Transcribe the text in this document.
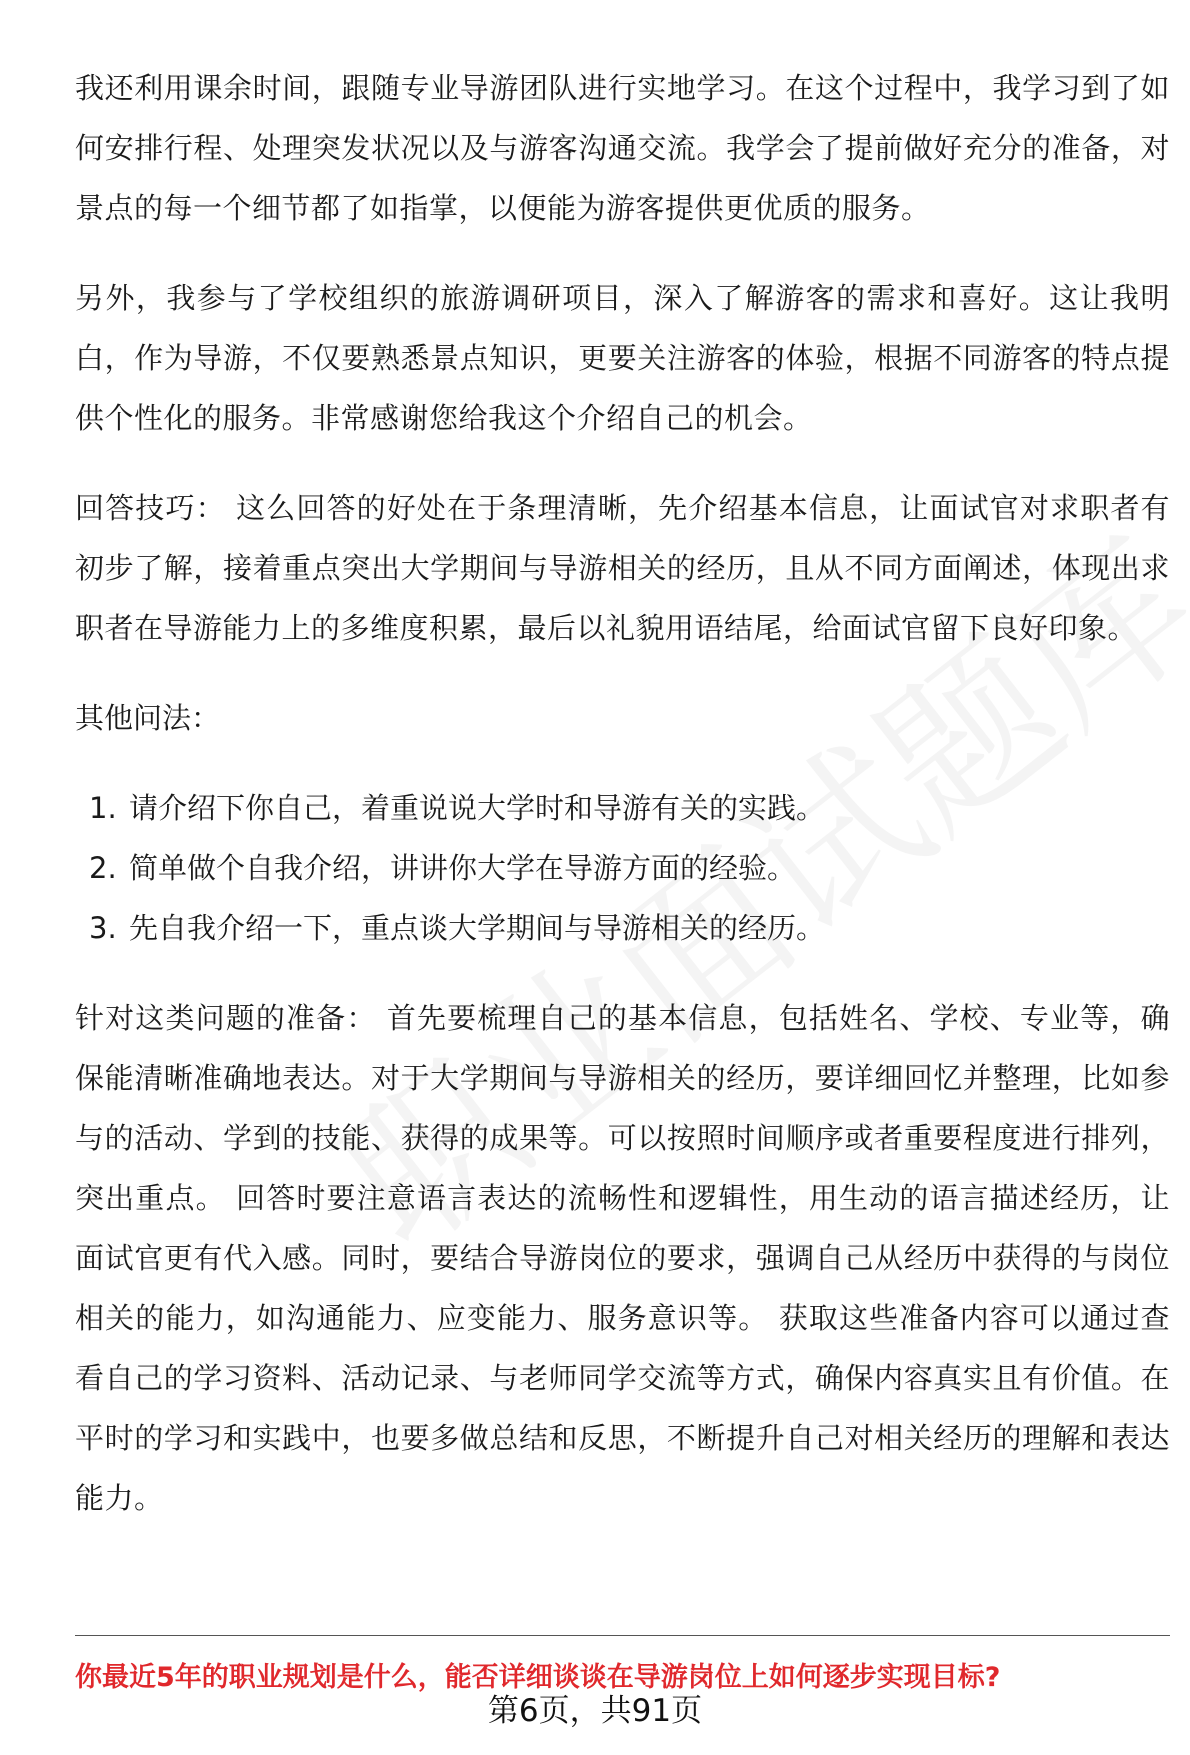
我还利用课余时间，跟随专业导游团队进行实地学习。在这个过程中，我学习到了如何安排行程、处理突发状况以及与游客沟通交流。我学会了提前做好充分的准备，对景点的每一个细节都了如指掌，以便能为游客提供更优质的服务。

另外，我参与了学校组织的旅游调研项目，深入了解游客的需求和喜好。这让我明白，作为导游，不仅要熟悉景点知识，更要关注游客的体验，根据不同游客的特点提供个性化的服务。非常感谢您给我这个介绍自己的机会。

回答技巧： 这么回答的好处在于条理清晰，先介绍基本信息，让面试官对求职者有初步了解，接着重点突出大学期间与导游相关的经历，且从不同方面阐述，体现出求职者在导游能力上的多维度积累，最后以礼貌用语结尾，给面试官留下良好印象。

其他问法：

1. 请介绍下你自己，着重说说大学时和导游有关的实践。
2. 简单做个自我介绍，讲讲你大学在导游方面的经验。
3. 先自我介绍一下，重点谈大学期间与导游相关的经历。

针对这类问题的准备： 首先要梳理自己的基本信息，包括姓名、学校、专业等，确保能清晰准确地表达。对于大学期间与导游相关的经历，要详细回忆并整理，比如参与的活动、学到的技能、获得的成果等。可以按照时间顺序或者重要程度进行排列，突出重点。 回答时要注意语言表达的流畅性和逻辑性，用生动的语言描述经历，让面试官更有代入感。同时，要结合导游岗位的要求，强调自己从经历中获得的与岗位相关的能力，如沟通能力、应变能力、服务意识等。 获取这些准备内容可以通过查看自己的学习资料、活动记录、与老师同学交流等方式，确保内容真实且有价值。在平时的学习和实践中，也要多做总结和反思，不断提升自己对相关经历的理解和表达能力。

你最近5年的职业规划是什么，能否详细谈谈在导游岗位上如何逐步实现目标?
第6页，共91页
